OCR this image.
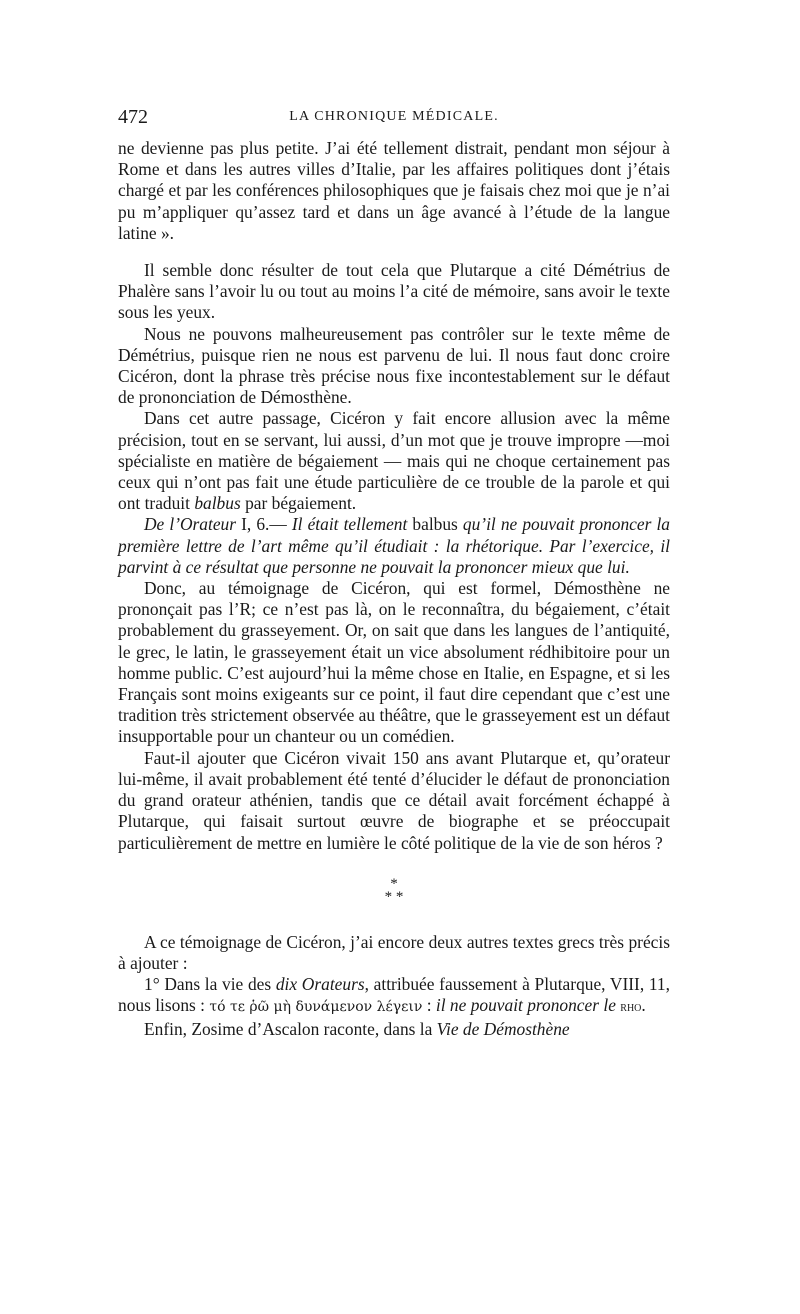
472	LA CHRONIQUE MÉDICALE.

ne devienne pas plus petite. J’ai été tellement distrait, pendant mon séjour à Rome et dans les autres villes d’Italie, par les affaires politiques dont j’étais chargé et par les conférences philosophiques que je faisais chez moi que je n’ai pu m’appliquer qu’assez tard et dans un âge avancé à l’étude de la langue latine ».

Il semble donc résulter de tout cela que Plutarque a cité Démétrius de Phalère sans l’avoir lu ou tout au moins l’a cité de mémoire, sans avoir le texte sous les yeux.

Nous ne pouvons malheureusement pas contrôler sur le texte même de Démétrius, puisque rien ne nous est parvenu de lui. Il nous faut donc croire Cicéron, dont la phrase très précise nous fixe incontestablement sur le défaut de prononciation de Démosthène.

Dans cet autre passage, Cicéron y fait encore allusion avec la même précision, tout en se servant, lui aussi, d’un mot que je trouve impropre —moi spécialiste en matière de bégaiement — mais qui ne choque certainement pas ceux qui n’ont pas fait une étude particulière de ce trouble de la parole et qui ont traduit balbus par bégaiement.

De l’Orateur I, 6.— Il était tellement balbus qu’il ne pouvait prononcer la première lettre de l’art même qu’il étudiait : la rhétorique. Par l’exercice, il parvint à ce résultat que personne ne pouvait la prononcer mieux que lui.

Donc, au témoignage de Cicéron, qui est formel, Démosthène ne prononçait pas l’R; ce n’est pas là, on le reconnaîtra, du bégaiement, c’était probablement du grasseyement. Or, on sait que dans les langues de l’antiquité, le grec, le latin, le grasseyement était un vice absolument rédhibitoire pour un homme public. C’est aujourd’hui la même chose en Italie, en Espagne, et si les Français sont moins exigeants sur ce point, il faut dire cependant que c’est une tradition très strictement observée au théâtre, que le grasseyement est un défaut insupportable pour un chanteur ou un comédien.

Faut-il ajouter que Cicéron vivait 150 ans avant Plutarque et, qu’orateur lui-même, il avait probablement été tenté d’élucider le défaut de prononciation du grand orateur athénien, tandis que ce détail avait forcément échappé à Plutarque, qui faisait surtout œuvre de biographe et se préoccupait particulièrement de mettre en lumière le côté politique de la vie de son héros ?

*
* *

A ce témoignage de Cicéron, j’ai encore deux autres textes grecs très précis à ajouter :

1° Dans la vie des dix Orateurs, attribuée faussement à Plutarque, VIII, 11, nous lisons : τό τε ῥῶ μὴ δυνάμενον λέγειν : il ne pouvait prononcer le rho.

Enfin, Zosime d’Ascalon raconte, dans la Vie de Démosthène
